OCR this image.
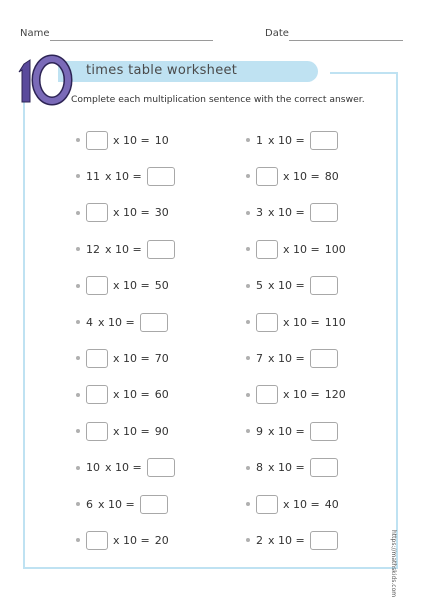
Name	Date
times table worksheet
10
Complete each multiplication sentence with the correct answer.
x 10 = 10
11 x 10 =
x 10 = 30
12 x 10 =
x 10 = 50
4 x 10 =
x 10 = 70
x 10 = 60
x 10 = 90
10 x 10 =
6 x 10 =
x 10 = 20
1 x 10 =
x 10 = 80
3 x 10 =
x 10 = 100
5 x 10 =
x 10 = 110
7 x 10 =
x 10 = 120
9 x 10 =
8 x 10 =
x 10 = 40
2 x 10 =	https://mathskids.com
